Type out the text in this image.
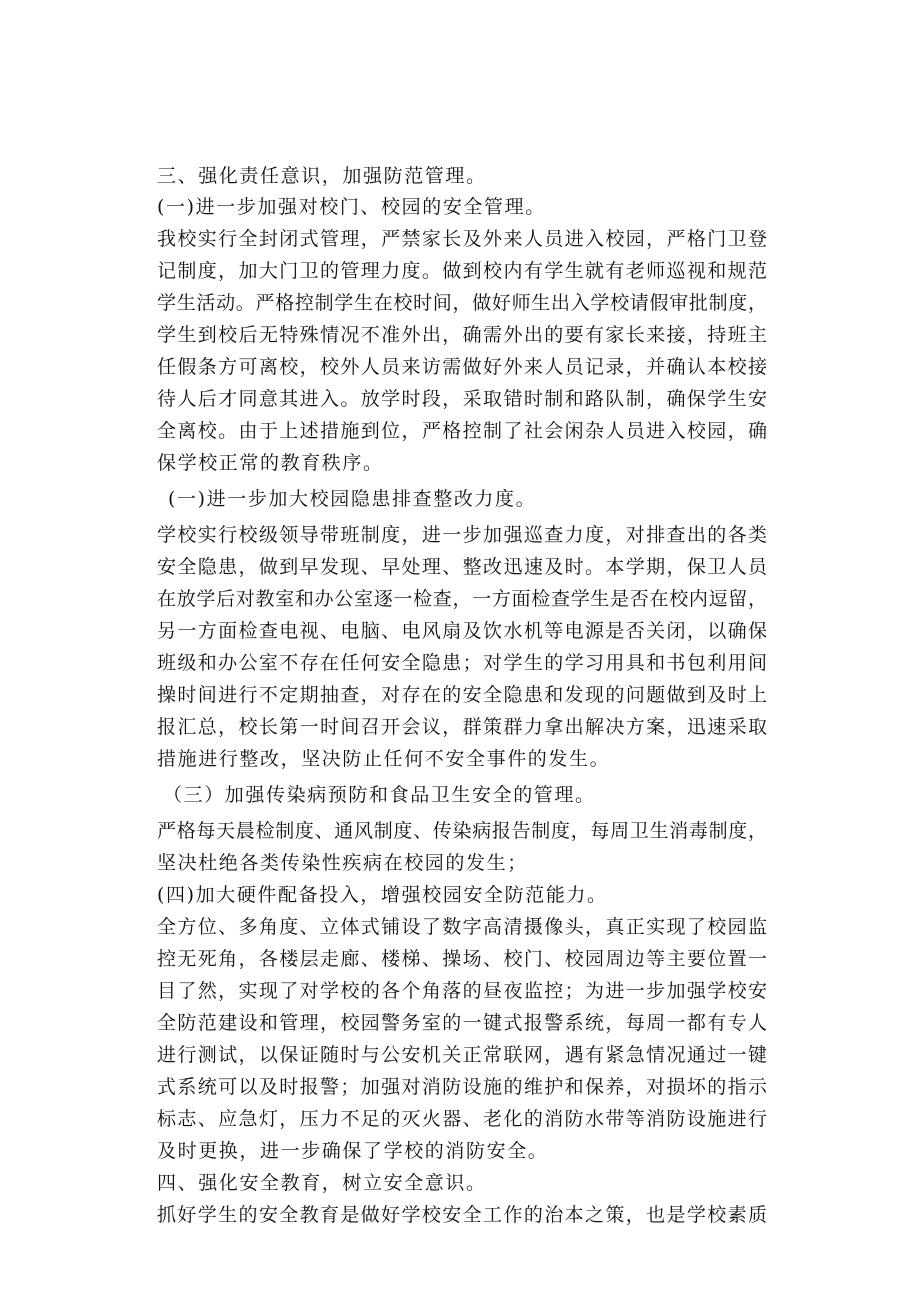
三、强化责任意识，加强防范管理。
(一)进一步加强对校门、校园的安全管理。
我校实行全封闭式管理，严禁家长及外来人员进入校园，严格门卫登
记制度，加大门卫的管理力度。做到校内有学生就有老师巡视和规范
学生活动。严格控制学生在校时间，做好师生出入学校请假审批制度，
学生到校后无特殊情况不准外出，确需外出的要有家长来接，持班主
任假条方可离校，校外人员来访需做好外来人员记录，并确认本校接
待人后才同意其进入。放学时段，采取错时制和路队制，确保学生安
全离校。由于上述措施到位，严格控制了社会闲杂人员进入校园，确
保学校正常的教育秩序。
(一)进一步加大校园隐患排查整改力度。
学校实行校级领导带班制度，进一步加强巡查力度，对排查出的各类
安全隐患，做到早发现、早处理、整改迅速及时。本学期，保卫人员
在放学后对教室和办公室逐一检查，一方面检查学生是否在校内逗留，
另一方面检查电视、电脑、电风扇及饮水机等电源是否关闭，以确保
班级和办公室不存在任何安全隐患；对学生的学习用具和书包利用间
操时间进行不定期抽查，对存在的安全隐患和发现的问题做到及时上
报汇总，校长第一时间召开会议，群策群力拿出解决方案，迅速采取
措施进行整改，坚决防止任何不安全事件的发生。
（三）加强传染病预防和食品卫生安全的管理。
严格每天晨检制度、通风制度、传染病报告制度，每周卫生消毒制度，
坚决杜绝各类传染性疾病在校园的发生；
(四)加大硬件配备投入，增强校园安全防范能力。
全方位、多角度、立体式铺设了数字高清摄像头，真正实现了校园监
控无死角，各楼层走廊、楼梯、操场、校门、校园周边等主要位置一
目了然，实现了对学校的各个角落的昼夜监控；为进一步加强学校安
全防范建设和管理，校园警务室的一键式报警系统，每周一都有专人
进行测试，以保证随时与公安机关正常联网，遇有紧急情况通过一键
式系统可以及时报警；加强对消防设施的维护和保养，对损坏的指示
标志、应急灯，压力不足的灭火器、老化的消防水带等消防设施进行
及时更换，进一步确保了学校的消防安全。
四、强化安全教育，树立安全意识。
抓好学生的安全教育是做好学校安全工作的治本之策，也是学校素质
